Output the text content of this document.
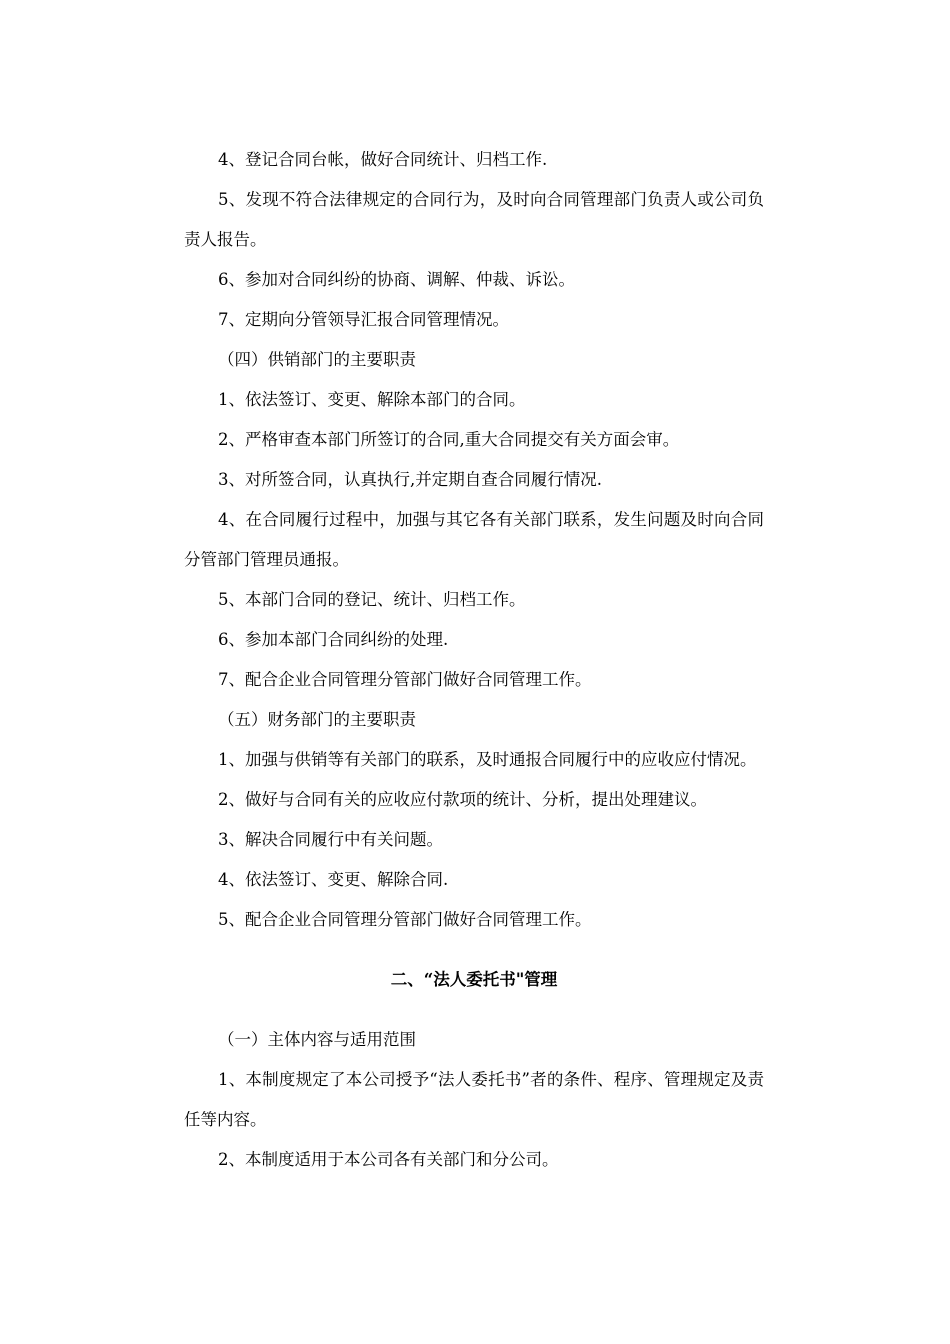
4、登记合同台帐，做好合同统计、归档工作.

5、发现不符合法律规定的合同行为，及时向合同管理部门负责人或公司负责人报告。

6、参加对合同纠纷的协商、调解、仲裁、诉讼。

7、定期向分管领导汇报合同管理情况。

（四）供销部门的主要职责

1、依法签订、变更、解除本部门的合同。

2、严格审查本部门所签订的合同,重大合同提交有关方面会审。

3、对所签合同，认真执行,并定期自查合同履行情况.

4、在合同履行过程中，加强与其它各有关部门联系，发生问题及时向合同分管部门管理员通报。

5、本部门合同的登记、统计、归档工作。

6、参加本部门合同纠纷的处理.

7、配合企业合同管理分管部门做好合同管理工作。

（五）财务部门的主要职责

1、加强与供销等有关部门的联系，及时通报合同履行中的应收应付情况。

2、做好与合同有关的应收应付款项的统计、分析，提出处理建议。

3、解决合同履行中有关问题。

4、依法签订、变更、解除合同.

5、配合企业合同管理分管部门做好合同管理工作。

二、“法人委托书"管理

（一）主体内容与适用范围

1、本制度规定了本公司授予“法人委托书”者的条件、程序、管理规定及责任等内容。

2、本制度适用于本公司各有关部门和分公司。
